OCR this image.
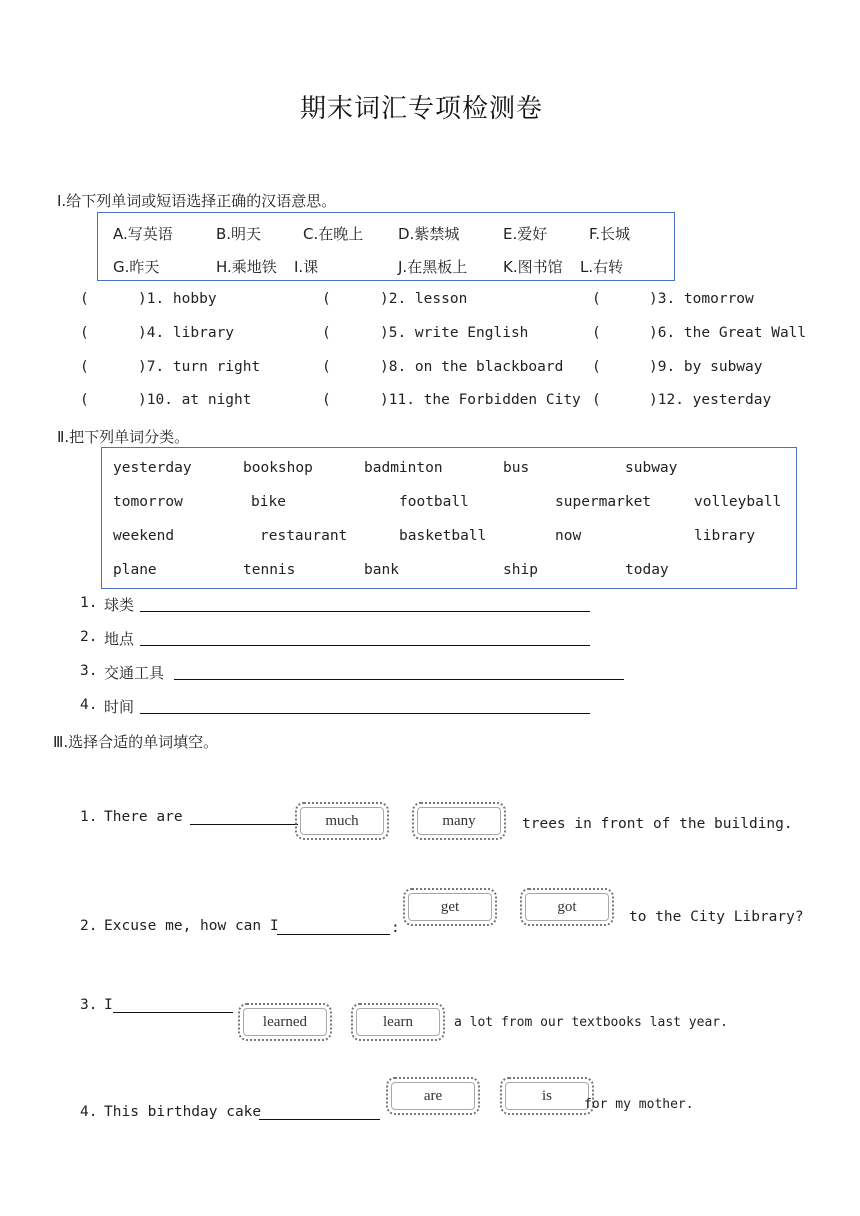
期末词汇专项检测卷
Ⅰ.给下列单词或短语选择正确的汉语意思。
A.写英语	B.明天	C.在晚上 D.紫禁城	E.爱好	F.长城
G.昨天	H.乘地铁 I.课	J.在黑板上 K.图书馆 L.右转
(	)1. hobby	(	)2. lesson	(	)3. tomorrow
(	)4. library	(	)5. write English	(	)6. the Great Wall
(	)7. turn right	(	)8. on the blackboard (	)9. by subway
(	)10. at night	(	)11. the Forbidden City (	)12. yesterday
Ⅱ.把下列单词分类。
yesterday	bookshop	badminton	bus	subway
tomorrow	bike	football	supermarket	volleyball
weekend	restaurant	basketball	now	library
plane	tennis	bank	ship	today
1. 球类
2. 地点
3. 交通工具
4. 时间
Ⅲ.选择合适的单词填空。
1. There are	much	many	trees in front of the building.
get	got
2. Excuse me, how can I	:
to the City Library?
3. I
learned	learn	a lot from our textbooks last year.
are	is
4. This birthday cake	for my mother.
